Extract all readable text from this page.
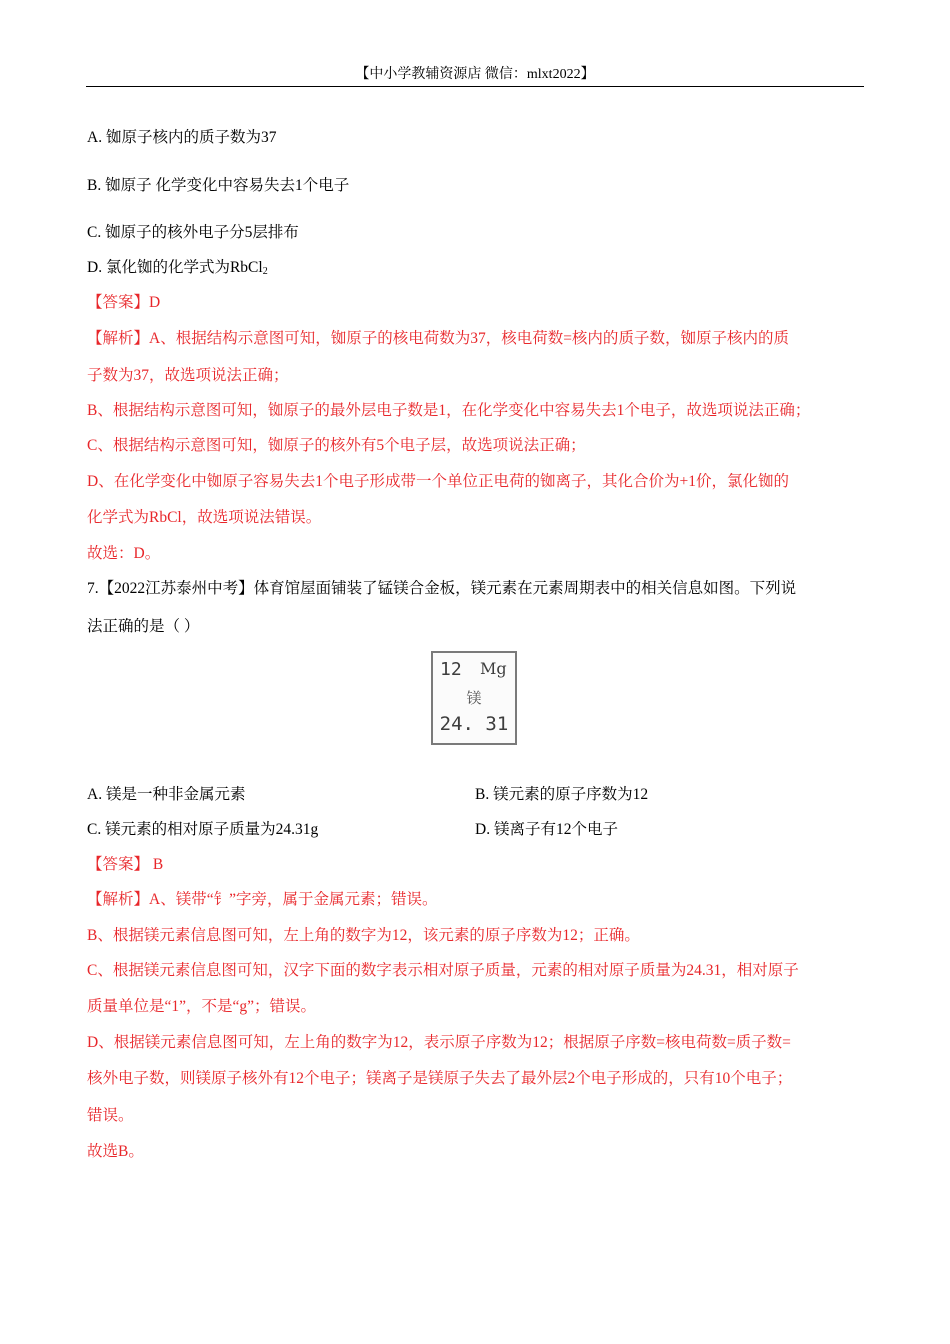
【中小学教辅资源店 微信：mlxt2022】
A. 铷原子核内的质子数为37
B. 铷原子 化学变化中容易失去1个电子
C. 铷原子的核外电子分5层排布
D. 氯化铷的化学式为RbCl$_2$
【答案】D
【解析】A、根据结构示意图可知，铷原子的核电荷数为37，核电荷数=核内的质子数，铷原子核内的质
子数为37，故选项说法正确；
B、根据结构示意图可知，铷原子的最外层电子数是1，在化学变化中容易失去1个电子，故选项说法正确；
C、根据结构示意图可知，铷原子的核外有5个电子层，故选项说法正确；
D、在化学变化中铷原子容易失去1个电子形成带一个单位正电荷的铷离子，其化合价为+1价，氯化铷的
化学式为RbCl，故选项说法错误。
故选：D。
7.【2022江苏泰州中考】体育馆屋面铺装了锰镁合金板，镁元素在元素周期表中的相关信息如图。下列说
法正确的是（ ）
12 Mg
镁
24. 31
A. 镁是一种非金属元素	B. 镁元素的原子序数为12
C. 镁元素的相对原子质量为24.31g	D. 镁离子有12个电子
【答案】 B
【解析】A、镁带“钅”字旁，属于金属元素；错误。
B、根据镁元素信息图可知，左上角的数字为12，该元素的原子序数为12；正确。
C、根据镁元素信息图可知，汉字下面的数字表示相对原子质量，元素的相对原子质量为24.31，相对原子
质量单位是“1”，不是“g”；错误。
D、根据镁元素信息图可知，左上角的数字为12，表示原子序数为12；根据原子序数=核电荷数=质子数=
核外电子数，则镁原子核外有12个电子；镁离子是镁原子失去了最外层2个电子形成的，只有10个电子；
错误。
故选B。
